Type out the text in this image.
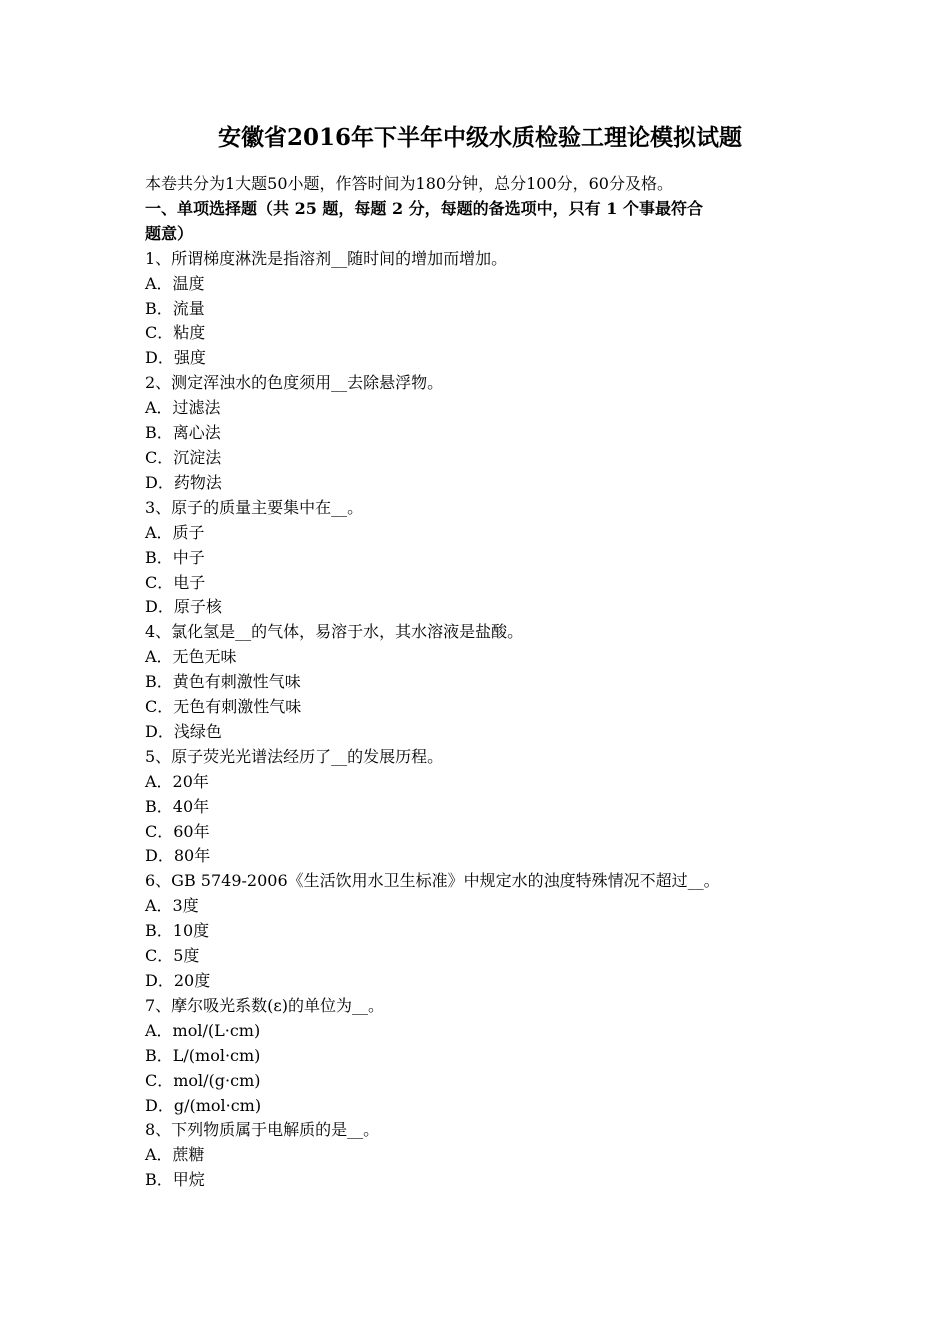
安徽省2016年下半年中级水质检验工理论模拟试题
本卷共分为1大题50小题，作答时间为180分钟，总分100分，60分及格。
一、单项选择题（共 25 题，每题 2 分，每题的备选项中，只有 1 个事最符合
题意）
1、所谓梯度淋洗是指溶剂__随时间的增加而增加。
A．温度
B．流量
C．粘度
D．强度
2、测定浑浊水的色度须用__去除悬浮物。
A．过滤法
B．离心法
C．沉淀法
D．药物法
3、原子的质量主要集中在__。
A．质子
B．中子
C．电子
D．原子核
4、氯化氢是__的气体，易溶于水，其水溶液是盐酸。
A．无色无味
B．黄色有刺激性气味
C．无色有刺激性气味
D．浅绿色
5、原子荧光光谱法经历了__的发展历程。
A．20年
B．40年
C．60年
D．80年
6、GB 5749-2006《生活饮用水卫生标准》中规定水的浊度特殊情况不超过__。
A．3度
B．10度
C．5度
D．20度
7、摩尔吸光系数(ε)的单位为__。
A．mol/(L·cm)
B．L/(mol·cm)
C．mol/(g·cm)
D．g/(mol·cm)
8、下列物质属于电解质的是__。
A．蔗糖
B．甲烷
